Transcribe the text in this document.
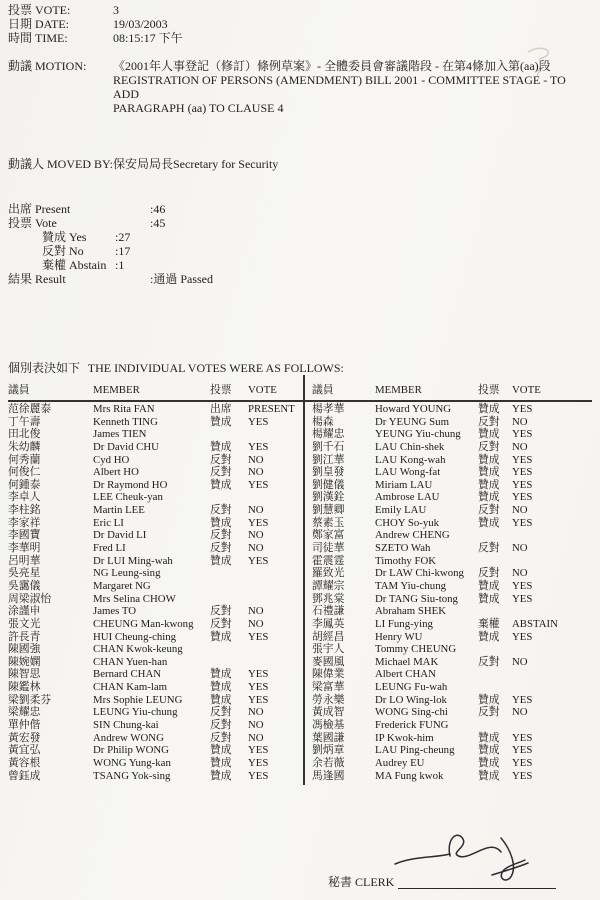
投票 VOTE:	3
日期 DATE:	19/03/2003
時間 TIME:	08:15:17 下午
動議 MOTION:	《2001年人事登記（修訂）條例草案》- 全體委員會審議階段 - 在第4條加入第(aa)段
REGISTRATION OF PERSONS (AMENDMENT) BILL 2001 - COMMITTEE STAGE - TO ADD
PARAGRAPH (aa) TO CLAUSE 4
動議人 MOVED BY: 保安局局長Secretary for Security
出席 Present	:46
投票 Vote	:45
贊成 Yes	:27
反對 No	:17
棄權 Abstain :1
結果 Result	:通過 Passed
個別表決如下 THE INDIVIDUAL VOTES WERE AS FOLLOWS:
議員	MEMBER	投票	VOTE
范徐麗泰	Mrs Rita FAN	出席	PRESENT
丁午壽	Kenneth TING	贊成	YES
田北俊	James TIEN
朱幼麟	Dr David CHU	贊成	YES
何秀蘭	Cyd HO	反對	NO
何俊仁	Albert HO	反對	NO
何鍾泰	Dr Raymond HO	贊成	YES
李卓人	LEE Cheuk-yan
李柱銘	Martin LEE	反對	NO
李家祥	Eric LI	贊成	YES
李國寶	Dr David LI	反對	NO
李華明	Fred LI	反對	NO
呂明華	Dr LUI Ming-wah	贊成	YES
吳亮星	NG Leung-sing
吳靄儀	Margaret NG
周梁淑怡	Mrs Selina CHOW
涂謹申	James TO	反對	NO
張文光	CHEUNG Man-kwong	反對	NO
許長青	HUI Cheung-ching	贊成	YES
陳國強	CHAN Kwok-keung
陳婉嫻	CHAN Yuen-han
陳智思	Bernard CHAN	贊成	YES
陳鑑林	CHAN Kam-lam	贊成	YES
梁劉柔芬	Mrs Sophie LEUNG	贊成	YES
梁耀忠	LEUNG Yiu-chung	反對	NO
單仲偕	SIN Chung-kai	反對	NO
黃宏發	Andrew WONG	反對	NO
黃宜弘	Dr Philip WONG	贊成	YES
黃容根	WONG Yung-kan	贊成	YES
曾鈺成	TSANG Yok-sing	贊成	YES
議員	MEMBER	投票	VOTE
楊孝華	Howard YOUNG	贊成	YES
楊森	Dr YEUNG Sum	反對	NO
楊耀忠	YEUNG Yiu-chung	贊成	YES
劉千石	LAU Chin-shek	反對	NO
劉江華	LAU Kong-wah	贊成	YES
劉皇發	LAU Wong-fat	贊成	YES
劉健儀	Miriam LAU	贊成	YES
劉漢銓	Ambrose LAU	贊成	YES
劉慧卿	Emily LAU	反對	NO
蔡素玉	CHOY So-yuk	贊成	YES
鄭家富	Andrew CHENG
司徒華	SZETO Wah	反對	NO
霍震霆	Timothy FOK
羅致光	Dr LAW Chi-kwong	反對	NO
譚耀宗	TAM Yiu-chung	贊成	YES
鄧兆棠	Dr TANG Siu-tong	贊成	YES
石禮謙	Abraham SHEK
李鳳英	LI Fung-ying	棄權	ABSTAIN
胡經昌	Henry WU	贊成	YES
張宇人	Tommy CHEUNG
麥國風	Michael MAK	反對	NO
陳偉業	Albert CHAN
梁富華	LEUNG Fu-wah
勞永樂	Dr LO Wing-lok	贊成	YES
黃成智	WONG Sing-chi	反對	NO
馮檢基	Frederick FUNG
葉國謙	IP Kwok-him	贊成	YES
劉炳章	LAU Ping-cheung	贊成	YES
余若薇	Audrey EU	贊成	YES
馬逢國	MA Fung kwok	贊成	YES
秘書 CLERK
